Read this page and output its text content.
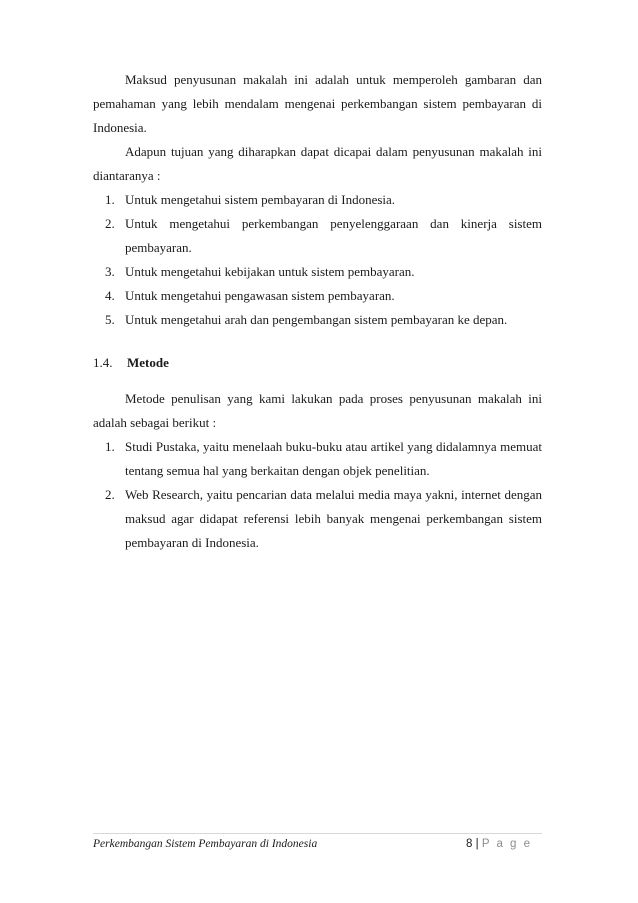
Maksud penyusunan makalah ini adalah untuk memperoleh gambaran dan pemahaman yang lebih mendalam mengenai perkembangan sistem pembayaran di Indonesia.

Adapun tujuan yang diharapkan dapat dicapai dalam penyusunan makalah ini diantaranya :

1. Untuk mengetahui sistem pembayaran di Indonesia.
2. Untuk mengetahui perkembangan penyelenggaraan dan kinerja sistem pembayaran.
3. Untuk mengetahui kebijakan untuk sistem pembayaran.
4. Untuk mengetahui pengawasan sistem pembayaran.
5. Untuk mengetahui arah dan pengembangan sistem pembayaran ke depan.
1.4. Metode

Metode penulisan yang kami lakukan pada proses penyusunan makalah ini adalah sebagai berikut :

1. Studi Pustaka, yaitu menelaah buku-buku atau artikel yang didalamnya memuat tentang semua hal yang berkaitan dengan objek penelitian.
2. Web Research, yaitu pencarian data melalui media maya yakni, internet dengan maksud agar didapat referensi lebih banyak mengenai perkembangan sistem pembayaran di Indonesia.
Perkembangan Sistem Pembayaran di Indonesia	8 | P a g e
